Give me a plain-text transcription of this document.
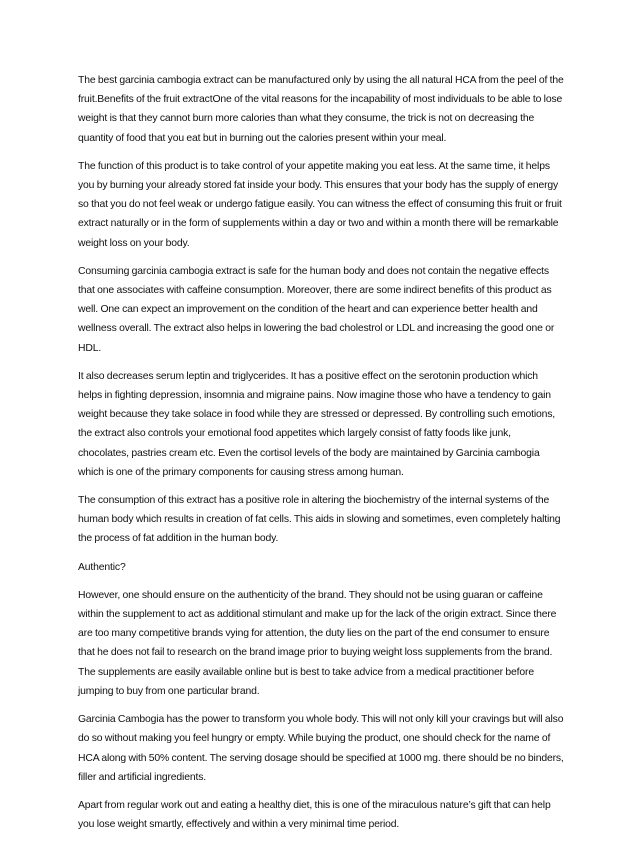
The best garcinia cambogia extract can be manufactured only by using the all natural HCA from the peel of the fruit.Benefits of the fruit extractOne of the vital reasons for the incapability of most individuals to be able to lose weight is that they cannot burn more calories than what they consume, the trick is not on decreasing the quantity of food that you eat but in burning out the calories present within your meal.

The function of this product is to take control of your appetite making you eat less. At the same time, it helps you by burning your already stored fat inside your body. This ensures that your body has the supply of energy so that you do not feel weak or undergo fatigue easily. You can witness the effect of consuming this fruit or fruit extract naturally or in the form of supplements within a day or two and within a month there will be remarkable weight loss on your body.

Consuming garcinia cambogia extract is safe for the human body and does not contain the negative effects that one associates with caffeine consumption. Moreover, there are some indirect benefits of this product as well. One can expect an improvement on the condition of the heart and can experience better health and wellness overall. The extract also helps in lowering the bad cholestrol or LDL and increasing the good one or HDL.

It also decreases serum leptin and triglycerides. It has a positive effect on the serotonin production which helps in fighting depression, insomnia and migraine pains. Now imagine those who have a tendency to gain weight because they take solace in food while they are stressed or depressed. By controlling such emotions, the extract also controls your emotional food appetites which largely consist of fatty foods like junk, chocolates, pastries cream etc. Even the cortisol levels of the body are maintained by Garcinia cambogia which is one of the primary components for causing stress among human.

The consumption of this extract has a positive role in altering the biochemistry of the internal systems of the human body which results in creation of fat cells. This aids in slowing and sometimes, even completely halting the process of fat addition in the human body.

Authentic?

However, one should ensure on the authenticity of the brand. They should not be using guaran or caffeine within the supplement to act as additional stimulant and make up for the lack of the origin extract. Since there are too many competitive brands vying for attention, the duty lies on the part of the end consumer to ensure that he does not fail to research on the brand image prior to buying weight loss supplements from the brand. The supplements are easily available online but is best to take advice from a medical practitioner before jumping to buy from one particular brand.

Garcinia Cambogia has the power to transform you whole body. This will not only kill your cravings but will also do so without making you feel hungry or empty. While buying the product, one should check for the name of HCA along with 50% content. The serving dosage should be specified at 1000 mg. there should be no binders, filler and artificial ingredients.

Apart from regular work out and eating a healthy diet, this is one of the miraculous nature’s gift that can help you lose weight smartly, effectively and within a very minimal time period.
